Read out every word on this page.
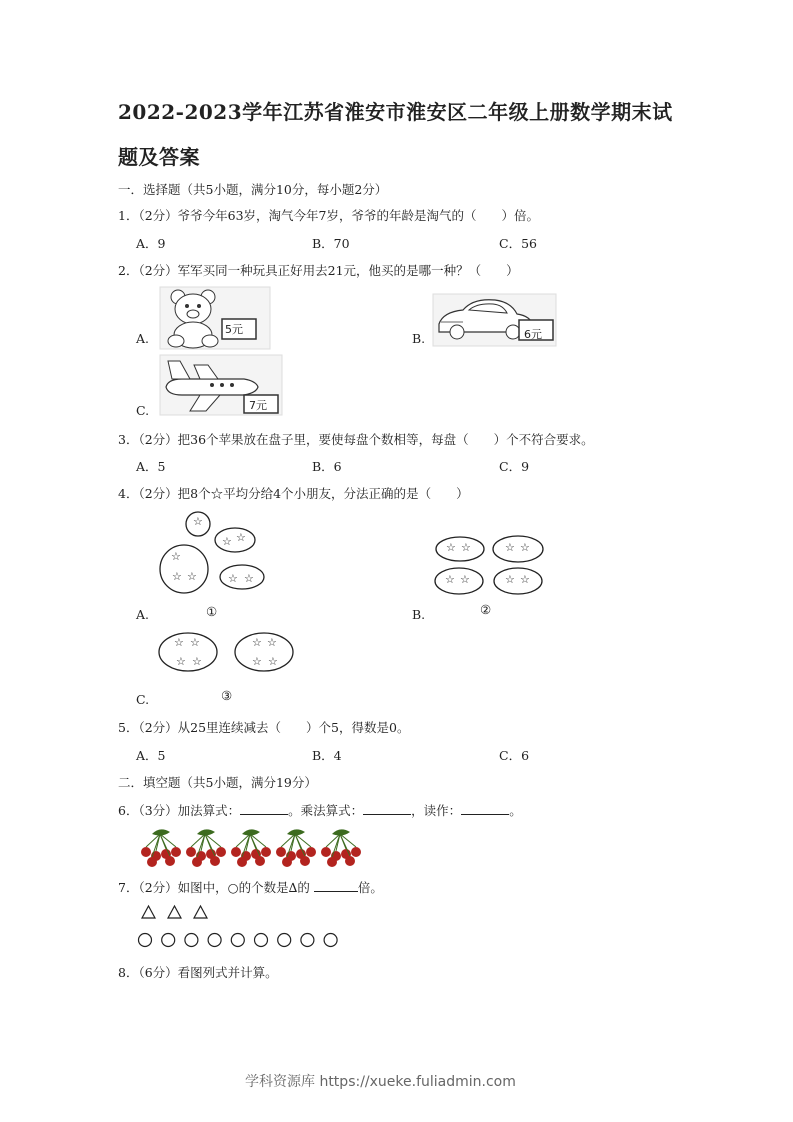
2022-2023学年江苏省淮安市淮安区二年级上册数学期末试
题及答案
一．选择题（共5小题，满分10分，每小题2分）
1．（2分）爷爷今年63岁，淘气今年7岁，爷爷的年龄是淘气的（　　）倍。
A．9	B．70	C．56
2．（2分）军军买同一种玩具正好用去21元，他买的是哪一种？（　　）
A.
5元
B.	6元
C.	7元
3．（2分）把36个苹果放在盘子里，要使每盘个数相等，每盘（　　）个不符合要求。
A．5	B．6	C．9
4．（2分）把8个☆平均分给4个小朋友，分法正确的是（　　）
☆
☆ ☆
☆
☆ ☆	☆ ☆
A.	①
☆ ☆	☆ ☆
☆ ☆	☆ ☆
B.	②
☆ ☆
☆ ☆
☆ ☆
☆ ☆
C.	③
5．（2分）从25里连续减去（　　）个5，得数是0。
A．5	B．4	C．6
二．填空题（共5小题，满分19分）
6．（3分）加法算式：	。乘法算式：	，读作：	。
7．（2分）如图中，○的个数是∆的	倍。
8．（6分）看图列式并计算。
学科资源库 https://xueke.fuliadmin.com
